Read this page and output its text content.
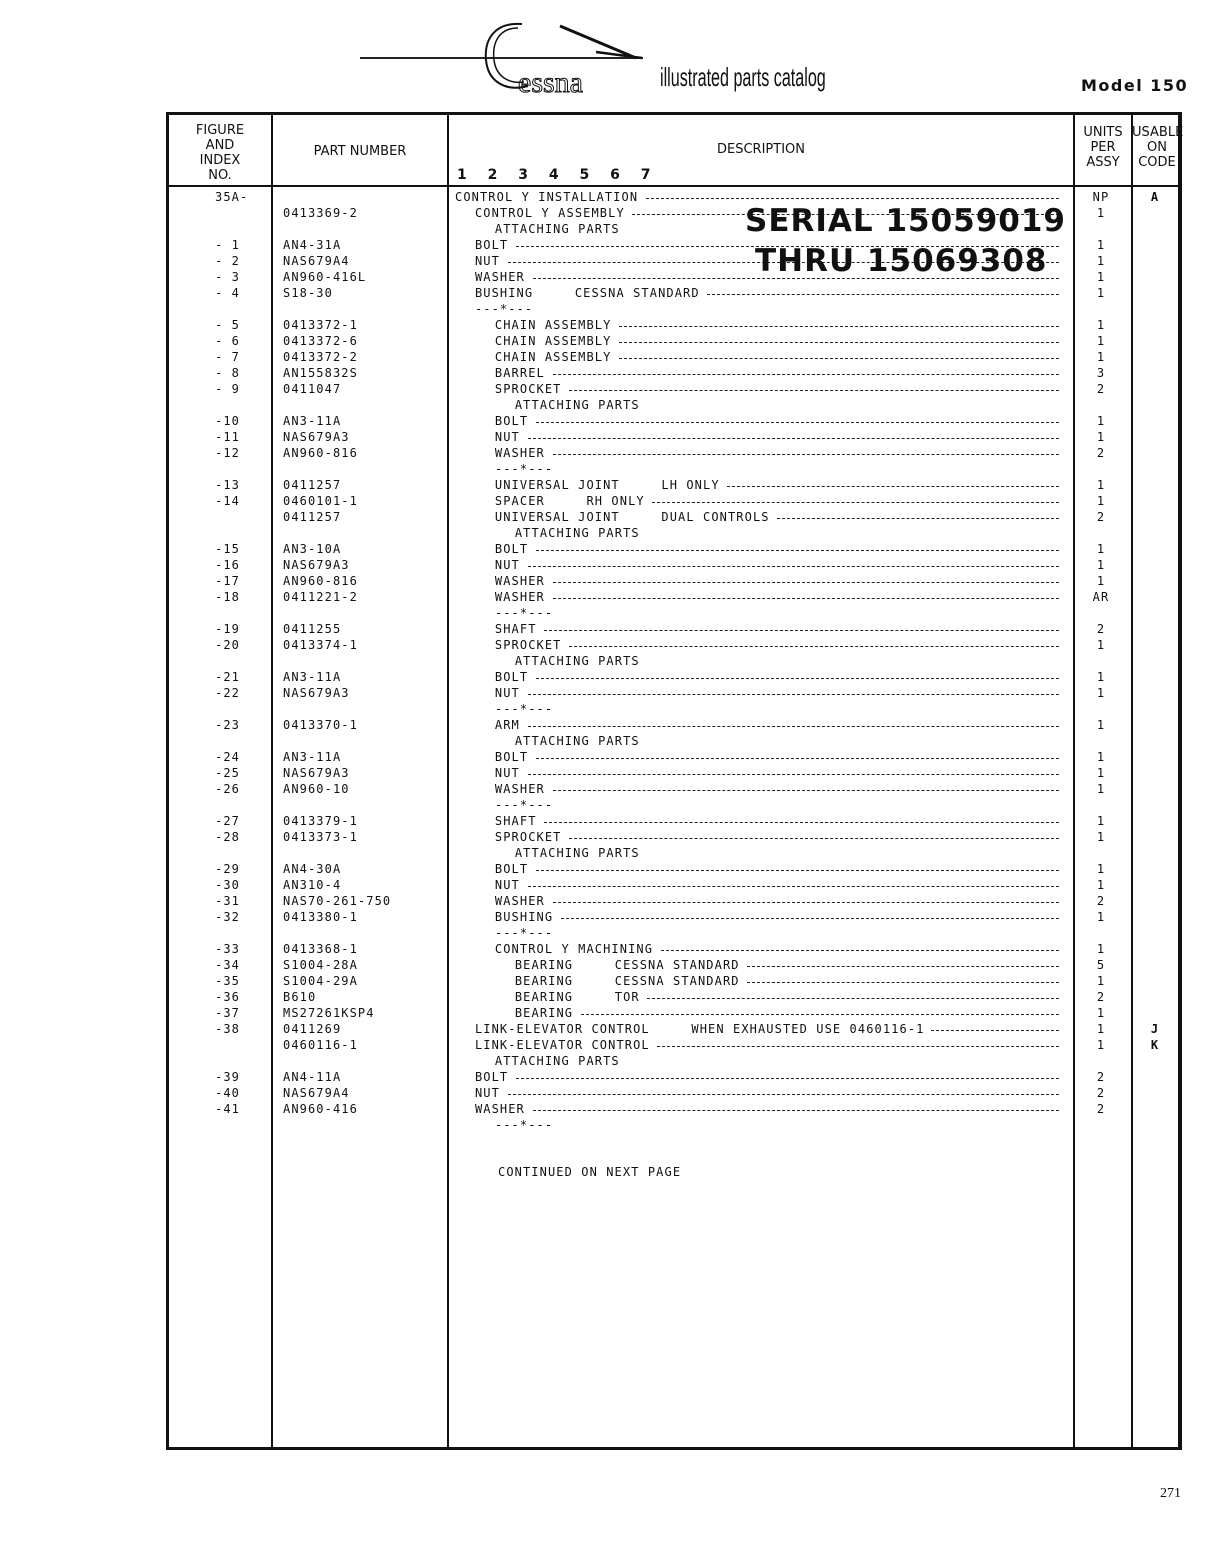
essna	illustrated parts catalog	Model 150
FIGURE AND INDEX NO.
PART NUMBER	DESCRIPTION
1 2 3 4 5 6 7
UNITS PER ASSY
USABLE ON CODE
35A-	CONTROL Y INSTALLATION	NP	A
0413369-2	CONTROL Y ASSEMBLY	1
ATTACHING PARTS
- 1	AN4-31A	BOLT	1
- 2	NAS679A4	NUT	1
- 3	AN960-416L	WASHER	1
- 4	S18-30	BUSHING     CESSNA STANDARD	1
---*---
- 5	0413372-1	CHAIN ASSEMBLY	1
- 6	0413372-6	CHAIN ASSEMBLY	1
- 7	0413372-2	CHAIN ASSEMBLY	1
- 8	AN155832S	BARREL	3
- 9	0411047	SPROCKET	2
ATTACHING PARTS
-10	AN3-11A	BOLT	1
-11	NAS679A3	NUT	1
-12	AN960-816	WASHER	2
---*---
-13	0411257	UNIVERSAL JOINT     LH ONLY	1
-14	0460101-1	SPACER     RH ONLY	1
0411257	UNIVERSAL JOINT     DUAL CONTROLS	2
ATTACHING PARTS
-15	AN3-10A	BOLT	1
-16	NAS679A3	NUT	1
-17	AN960-816	WASHER	1
-18	0411221-2	WASHER	AR
---*---
-19	0411255	SHAFT	2
-20	0413374-1	SPROCKET	1
ATTACHING PARTS
-21	AN3-11A	BOLT	1
-22	NAS679A3	NUT	1
---*---
-23	0413370-1	ARM	1
ATTACHING PARTS
-24	AN3-11A	BOLT	1
-25	NAS679A3	NUT	1
-26	AN960-10	WASHER	1
---*---
-27	0413379-1	SHAFT	1
-28	0413373-1	SPROCKET	1
ATTACHING PARTS
-29	AN4-30A	BOLT	1
-30	AN310-4	NUT	1
-31	NAS70-261-750	WASHER	2
-32	0413380-1	BUSHING	1
---*---
-33	0413368-1	CONTROL Y MACHINING	1
-34	S1004-28A	BEARING     CESSNA STANDARD	5
-35	S1004-29A	BEARING     CESSNA STANDARD	1
-36	B610	BEARING     TOR	2
-37	MS27261KSP4	BEARING	1
-38	0411269	LINK-ELEVATOR CONTROL     WHEN EXHAUSTED USE 0460116-1	1	J
0460116-1	LINK-ELEVATOR CONTROL	1	K
ATTACHING PARTS
-39	AN4-11A	BOLT	2
-40	NAS679A4	NUT	2
-41	AN960-416	WASHER	2
---*---
CONTINUED ON NEXT PAGE
SERIAL 15059019
THRU 15069308
271
